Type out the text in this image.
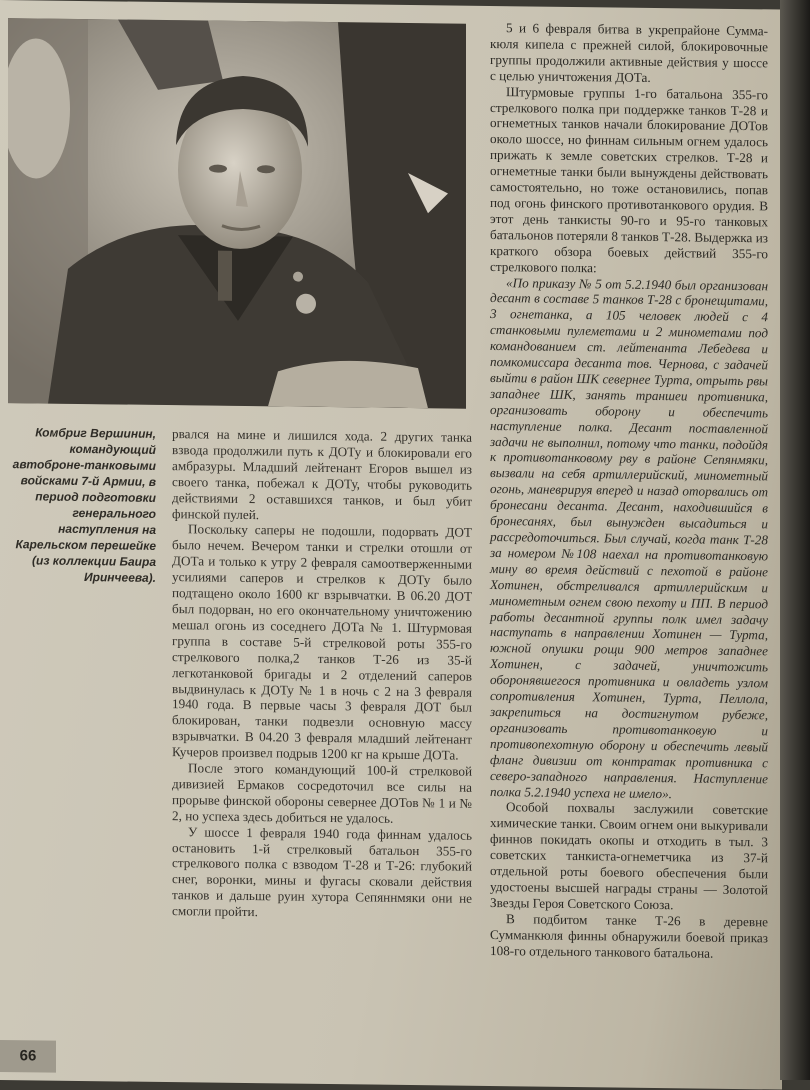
Комбриг Вершинин, командующий автоброне-танковыми войсками 7-й Армии, в период подготовки генерального наступления на Карельском перешейке (из коллекции Баира Иринчеева).

рвался на мине и лишился хода. 2 других танка взвода продолжили путь к ДОТу и блокировали его амбразуры. Младший лейтенант Егоров вышел из своего танка, побежал к ДОТу, чтобы руководить действиями 2 оставшихся танков, и был убит финской пулей.

Поскольку саперы не подошли, подорвать ДОТ было нечем. Вечером танки и стрелки отошли от ДОТа и только к утру 2 февраля самоотверженными усилиями саперов и стрелков к ДОТу было подтащено около 1600 кг взрывчатки. В 06.20 ДОТ был подорван, но его окончательному уничтожению мешал огонь из соседнего ДОТа № 1. Штурмовая группа в составе 5-й стрелковой роты 355-го стрелкового полка,2 танков Т-26 из 35-й легкотанковой бригады и 2 отделений саперов выдвинулась к ДОТу № 1 в ночь с 2 на 3 февраля 1940 года. В первые часы 3 февраля ДОТ был блокирован, танки подвезли основную массу взрывчатки. В 04.20 3 февраля младший лейтенант Кучеров произвел подрыв 1200 кг на крыше ДОТа.

После этого командующий 100-й стрелковой дивизией Ермаков сосредоточил все силы на прорыве финской обороны севернее ДОТов № 1 и № 2, но успеха здесь добиться не удалось.

У шоссе 1 февраля 1940 года финнам удалось остановить 1-й стрелковый батальон 355-го стрелкового полка с взводом Т-28 и Т-26: глубокий снег, воронки, мины и фугасы сковали действия танков и дальше руин хутора Сепяннмяки они не смогли пройти.

5 и 6 февраля битва в укрепрайоне Сумма-кюля кипела с прежней силой, блокировочные группы продолжили активные действия у шоссе с целью уничтожения ДОТа.

Штурмовые группы 1-го батальона 355-го стрелкового полка при поддержке танков Т-28 и огнеметных танков начали блокирование ДОТов около шоссе, но финнам сильным огнем удалось прижать к земле советских стрелков. Т-28 и огнеметные танки были вынуждены действовать самостоятельно, но тоже остановились, попав под огонь финского противотанкового орудия. В этот день танкисты 90-го и 95-го танковых батальонов потеряли 8 танков Т-28. Выдержка из краткого обзора боевых действий 355-го стрелкового полка:

«По приказу № 5 от 5.2.1940 был организован десант в составе 5 танков Т-28 с бронещитами, 3 огнетанка, а 105 человек людей с 4 станковыми пулеметами и 2 минометами под командованием ст. лейтенанта Лебедева и помкомиссара десанта тов. Чернова, с задачей выйти в район ШК севернее Турта, отрыть рвы западнее ШК, занять траншеи противника, организовать оборону и обеспечить наступление полка. Десант поставленной задачи не выполнил, потому что танки, подойдя к противотанковому рву в районе Сепянмяки, вызвали на себя артиллерийский, минометный огонь, маневрируя вперед и назад оторвались от бронесани десанта. Десант, находившийся в бронесанях, был вынужден высадиться и рассредоточиться. Был случай, когда танк Т-28 за номером №108 наехал на противотанковую мину во время действий с пехотой в районе Хотинен, обстреливался артиллерийским и минометным огнем свою пехоту и ПП. В период работы десантной группы полк имел задачу наступать в направлении Хотинен — Турта, южной опушки рощи 900 метров западнее Хотинен, с задачей, уничтожить оборонявшегося противника и овладеть узлом сопротивления Хотинен, Турта, Пеллола, закрепиться на достигнутом рубеже, организовать противотанковую и противопехотную оборону и обеспечить левый фланг дивизии от контратак противника с северо-западного направления. Наступление полка 5.2.1940 успеха не имело».

Особой похвалы заслужили советские химические танки. Своим огнем они выкуривали финнов покидать окопы и отходить в тыл. 3 советских танкиста-огнеметчика из 37-й отдельной роты боевого обеспечения были удостоены высшей награды страны — Золотой Звезды Героя Советского Союза.

В подбитом танке Т-26 в деревне Сумманкюля финны обнаружили боевой приказ 108-го отдельного танкового батальона.

66
